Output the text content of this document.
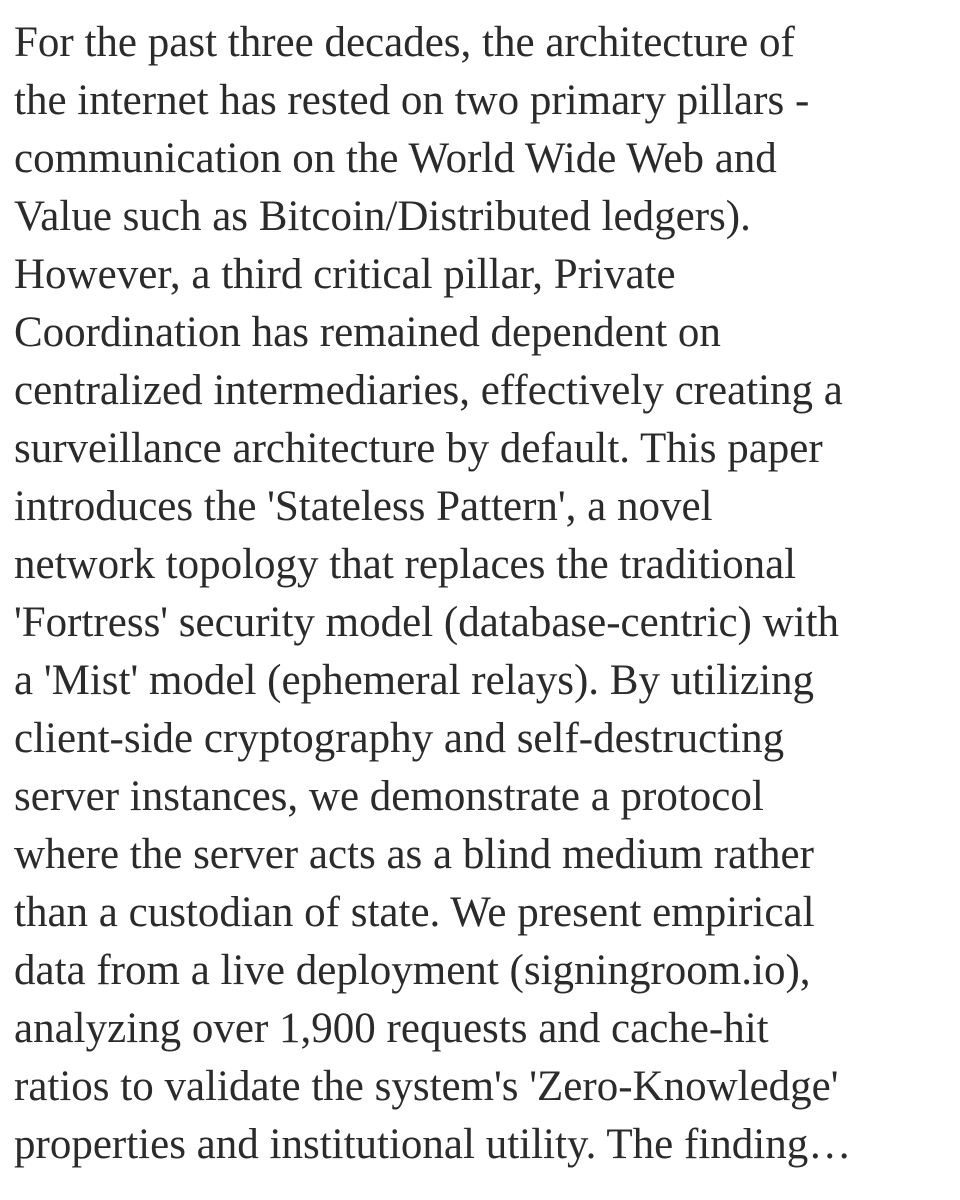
For the past three decades, the architecture of
the internet has rested on two primary pillars -
communication on the World Wide Web and
Value such as Bitcoin/Distributed ledgers).
However, a third critical pillar, Private
Coordination has remained dependent on
centralized intermediaries, effectively creating a
surveillance architecture by default. This paper
introduces the 'Stateless Pattern', a novel
network topology that replaces the traditional
'Fortress' security model (database-centric) with
a 'Mist' model (ephemeral relays). By utilizing
client-side cryptography and self-destructing
server instances, we demonstrate a protocol
where the server acts as a blind medium rather
than a custodian of state. We present empirical
data from a live deployment (signingroom.io),
analyzing over 1,900 requests and cache-hit
ratios to validate the system's 'Zero-Knowledge'
properties and institutional utility. The finding…
